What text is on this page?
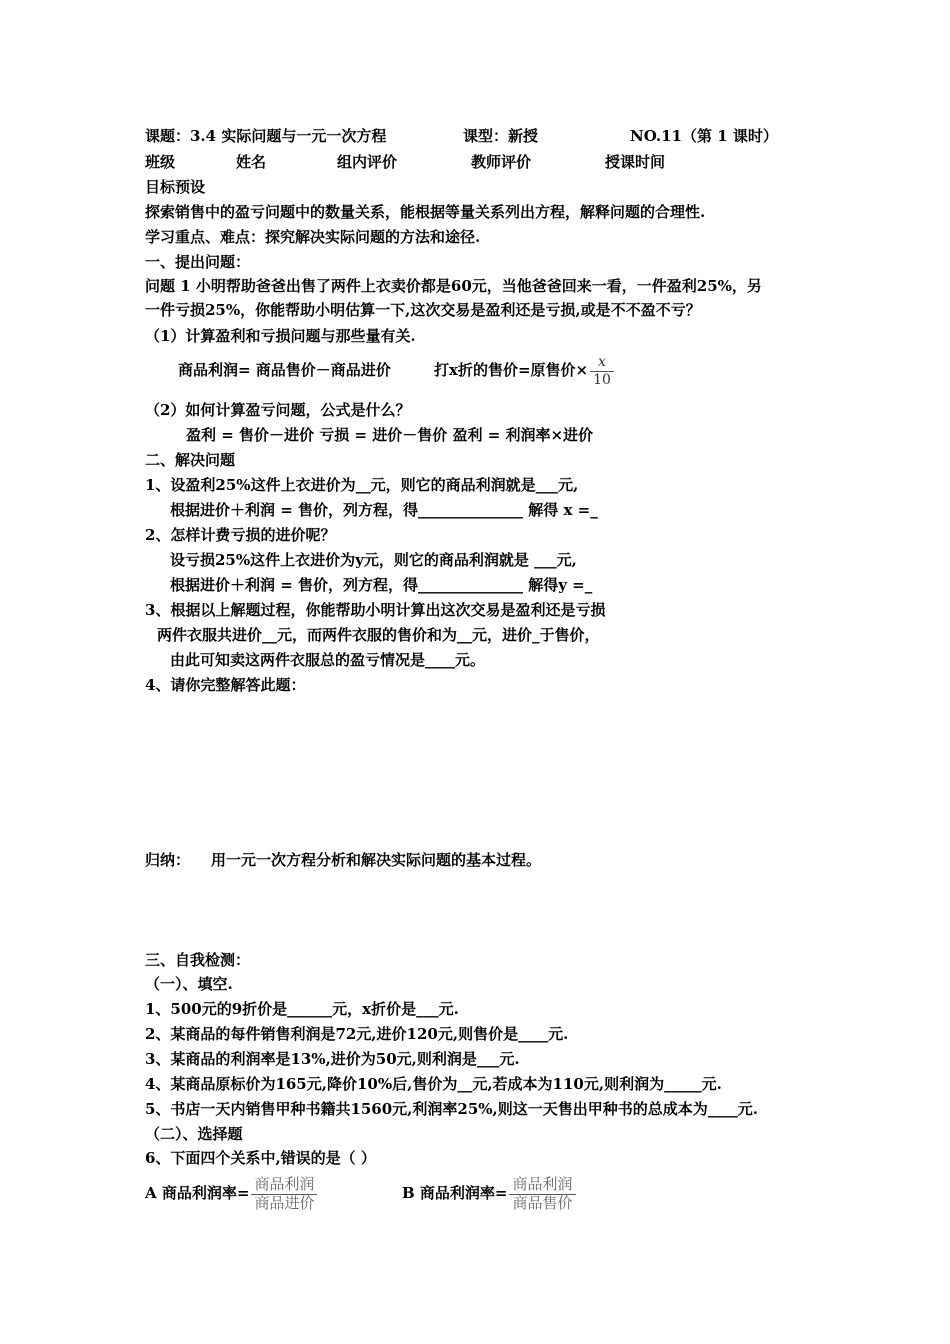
课题：3.4 实际问题与一元一次方程	课型：新授	NO.11（第 1 课时）
班级	姓名	组内评价	教师评价	授课时间
目标预设
探索销售中的盈亏问题中的数量关系，能根据等量关系列出方程，解释问题的合理性.
学习重点、难点：探究解决实际问题的方法和途径.
一、提出问题：
问题 1 小明帮助爸爸出售了两件上衣卖价都是60元，当他爸爸回来一看，一件盈利25%，另
一件亏损25%，你能帮助小明估算一下,这次交易是盈利还是亏损,或是不不盈不亏？
（1）计算盈利和亏损问题与那些量有关.
商品利润= 商品售价－商品进价	打x折的售价=原售价× $\frac{x}{10}$
（2）如何计算盈亏问题，公式是什么？
盈利 = 售价－进价 亏损 = 进价－售价 盈利 = 利润率×进价
二、解决问题
1、设盈利25%这件上衣进价为__元，则它的商品利润就是___元,
根据进价＋利润 = 售价，列方程，得______________ 解得 x =_
2、怎样计费亏损的进价呢？
设亏损25%这件上衣进价为y元，则它的商品利润就是 ___元,
根据进价＋利润 = 售价，列方程，得______________ 解得y =_
3、根据以上解题过程，你能帮助小明计算出这次交易是盈利还是亏损
两件衣服共进价__元，而两件衣服的售价和为__元，进价_于售价，
由此可知卖这两件衣服总的盈亏情况是____元。
4、请你完整解答此题：
归纳： 用一元一次方程分析和解决实际问题的基本过程。
三、自我检测：
（一）、填空.
1、500元的9折价是______元，x折价是___元.
2、某商品的每件销售利润是72元,进价120元,则售价是____元.
3、某商品的利润率是13%,进价为50元,则利润是___元.
4、某商品原标价为165元,降价10%后,售价为__元,若成本为110元,则利润为_____元.
5、书店一天内销售甲种书籍共1560元,利润率25%,则这一天售出甲种书的总成本为____元.
（二）、选择题
6、下面四个关系中,错误的是（ ）
A 商品利润率= $\frac{\text{商品利润}}{\text{商品进价}}$	B 商品利润率= $\frac{\text{商品利润}}{\text{商品售价}}$
